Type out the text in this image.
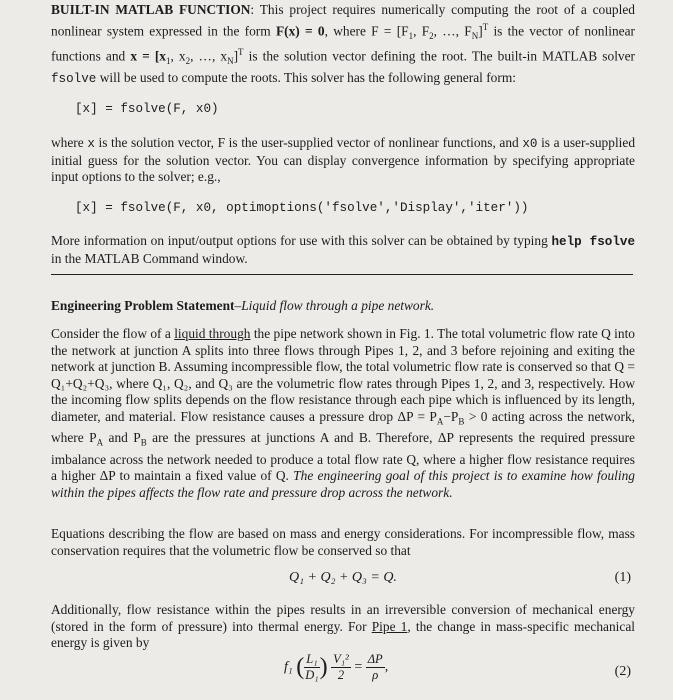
BUILT-IN MATLAB FUNCTION: This project requires numerically computing the root of a coupled nonlinear system expressed in the form F(x) = 0, where $F = [F_1$, $F_2$, …, $F_N]^T$ is the vector of nonlinear functions and $x = [x_1$, $x_2$, …, $x_N]^T$ is the solution vector defining the root. The built-in MATLAB solver fsolve will be used to compute the roots. This solver has the following general form:

[x] = fsolve(F, x0)

where x is the solution vector, F is the user-supplied vector of nonlinear functions, and x0 is a user-supplied initial guess for the solution vector. You can display convergence information by specifying appropriate input options to the solver; e.g.,

[x] = fsolve(F, x0, optimoptions('fsolve','Display','iter'))

More information on input/output options for use with this solver can be obtained by typing help fsolve in the MATLAB Command window.

Engineering Problem Statement–Liquid flow through a pipe network.

Consider the flow of a liquid through the pipe network shown in Fig. 1. The total volumetric flow rate Q into the network at junction A splits into three flows through Pipes 1, 2, and 3 before rejoining and exiting the network at junction B. Assuming incompressible flow, the total volumetric flow rate is conserved so that Q = Q₁+Q₂+Q₃, where Q₁, Q₂, and Q₃ are the volumetric flow rates through Pipes 1, 2, and 3, respectively. How the incoming flow splits depends on the flow resistance through each pipe which is influenced by its length, diameter, and material. Flow resistance causes a pressure drop $\Delta P = P_A-P_B > 0$ acting across the network, where $P_A$ and $P_B$ are the pressures at junctions A and B. Therefore, ΔP represents the required pressure imbalance across the network needed to produce a total flow rate Q, where a higher flow resistance requires a higher ΔP to maintain a fixed value of Q. The engineering goal of this project is to examine how fouling within the pipes affects the flow rate and pressure drop across the network.

Equations describing the flow are based on mass and energy considerations. For incompressible flow, mass conservation requires that the volumetric flow be conserved so that

Q₁ + Q₂ + Q₃ = Q.	(1)

Additionally, flow resistance within the pipes results in an irreversible conversion of mechanical energy (stored in the form of pressure) into thermal energy. For Pipe 1, the change in mass-specific mechanical energy is given by

f₁ ( $\frac{\text{L₁}}{\text{D₁}}$ ) $\frac{\text{V₁²}}{2} = \frac{\Delta P}{\rho}$ ,	(2)
